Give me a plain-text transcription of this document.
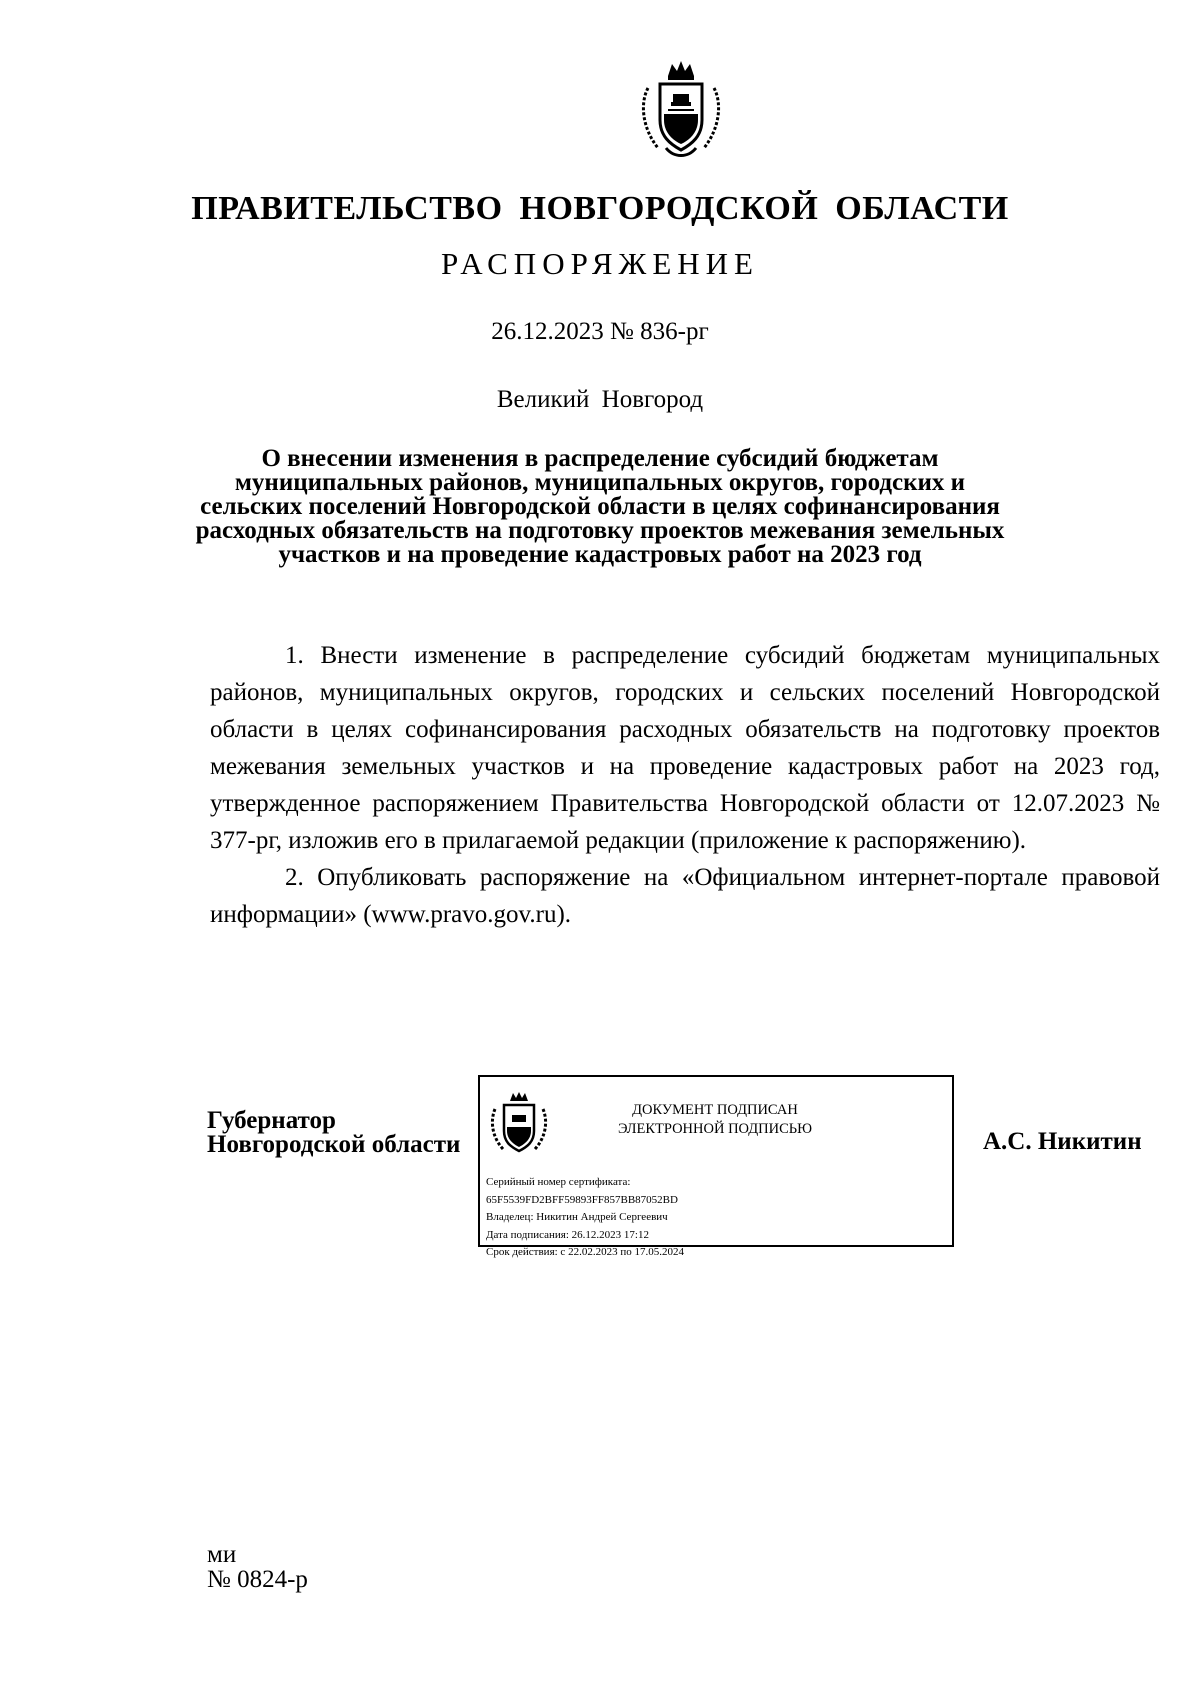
ПРАВИТЕЛЬСТВО НОВГОРОДСКОЙ ОБЛАСТИ
РАСПОРЯЖЕНИЕ
26.12.2023 № 836-рг
Великий Новгород
О внесении изменения в распределение субсидий бюджетам
муниципальных районов, муниципальных округов, городских и
сельских поселений Новгородской области в целях софинансирования
расходных обязательств на подготовку проектов межевания земельных
участков и на проведение кадастровых работ на 2023 год

1. Внести изменение в распределение субсидий бюджетам муниципальных районов, муниципальных округов, городских и сельских поселений Новгородской области в целях софинансирования расходных обязательств на подготовку проектов межевания земельных участков и на проведение кадастровых работ на 2023 год, утвержденное распоряжением Правительства Новгородской области от 12.07.2023 № 377-рг, изложив его в прилагаемой редакции (приложение к распоряжению).

2. Опубликовать распоряжение на «Официальном интернет-портале правовой информации» (www.pravo.gov.ru).

Губернатор
Новгородской области
ДОКУМЕНТ ПОДПИСАН
ЭЛЕКТРОННОЙ ПОДПИСЬЮ
Серийный номер сертификата:
65F5539FD2BFF59893FF857BB87052BD
Владелец: Никитин Андрей Сергеевич
Дата подписания: 26.12.2023 17:12
Срок действия: с 22.02.2023 по 17.05.2024
А.С. Никитин
ми
№ 0824-р
